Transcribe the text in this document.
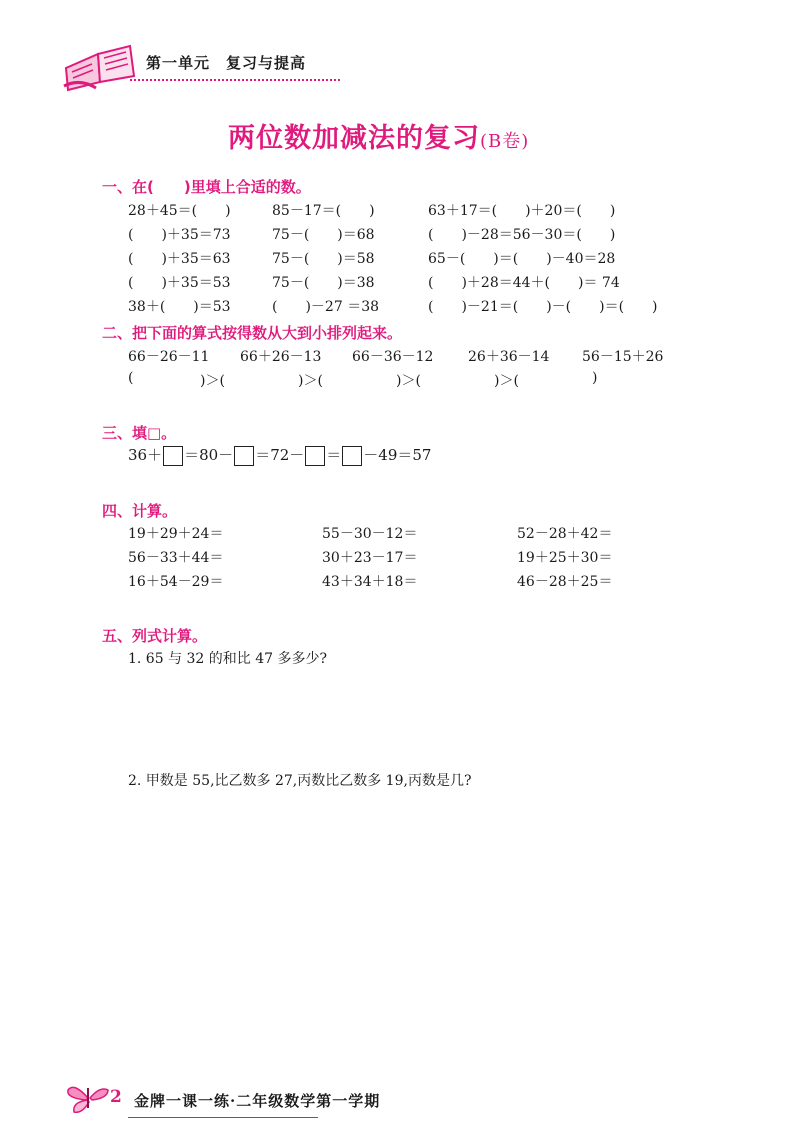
第一单元　复习与提高
两位数加减法的复习(B卷)
一、在(　　)里填上合适的数。
28＋45＝(　　)	85－17＝(　　)	63＋17＝(　　)＋20＝(　　)
(　　)＋35＝73	75－(　　)＝68	(　　)－28＝56－30＝(　　)
(　　)＋35＝63	75－(　　)＝58	65－(　　)＝(　　)－40＝28
(　　)＋35＝53	75－(　　)＝38	(　　)＋28＝44＋(　　)＝ 74
38＋(　　)＝53	(　　)－27 ＝38	(　　)－21＝(　　)－(　　)＝(　　)
二、把下面的算式按得数从大到小排列起来。
66－26－11 66＋26－13 66－36－12 26＋36－14 56－15＋26
(	)＞(	)＞(	)＞(	)＞(	)
三、填□。
36＋ ＝80－ ＝72－ ＝ －49＝57
四、计算。
19＋29＋24＝	55－30－12＝	52－28＋42＝
56－33＋44＝	30＋23－17＝	19＋25＋30＝
16＋54－29＝	43＋34＋18＝	46－28＋25＝
五、列式计算。
1. 65 与 32 的和比 47 多多少?
2. 甲数是 55,比乙数多 27,丙数比乙数多 19,丙数是几?
2 金牌一课一练·二年级数学第一学期
